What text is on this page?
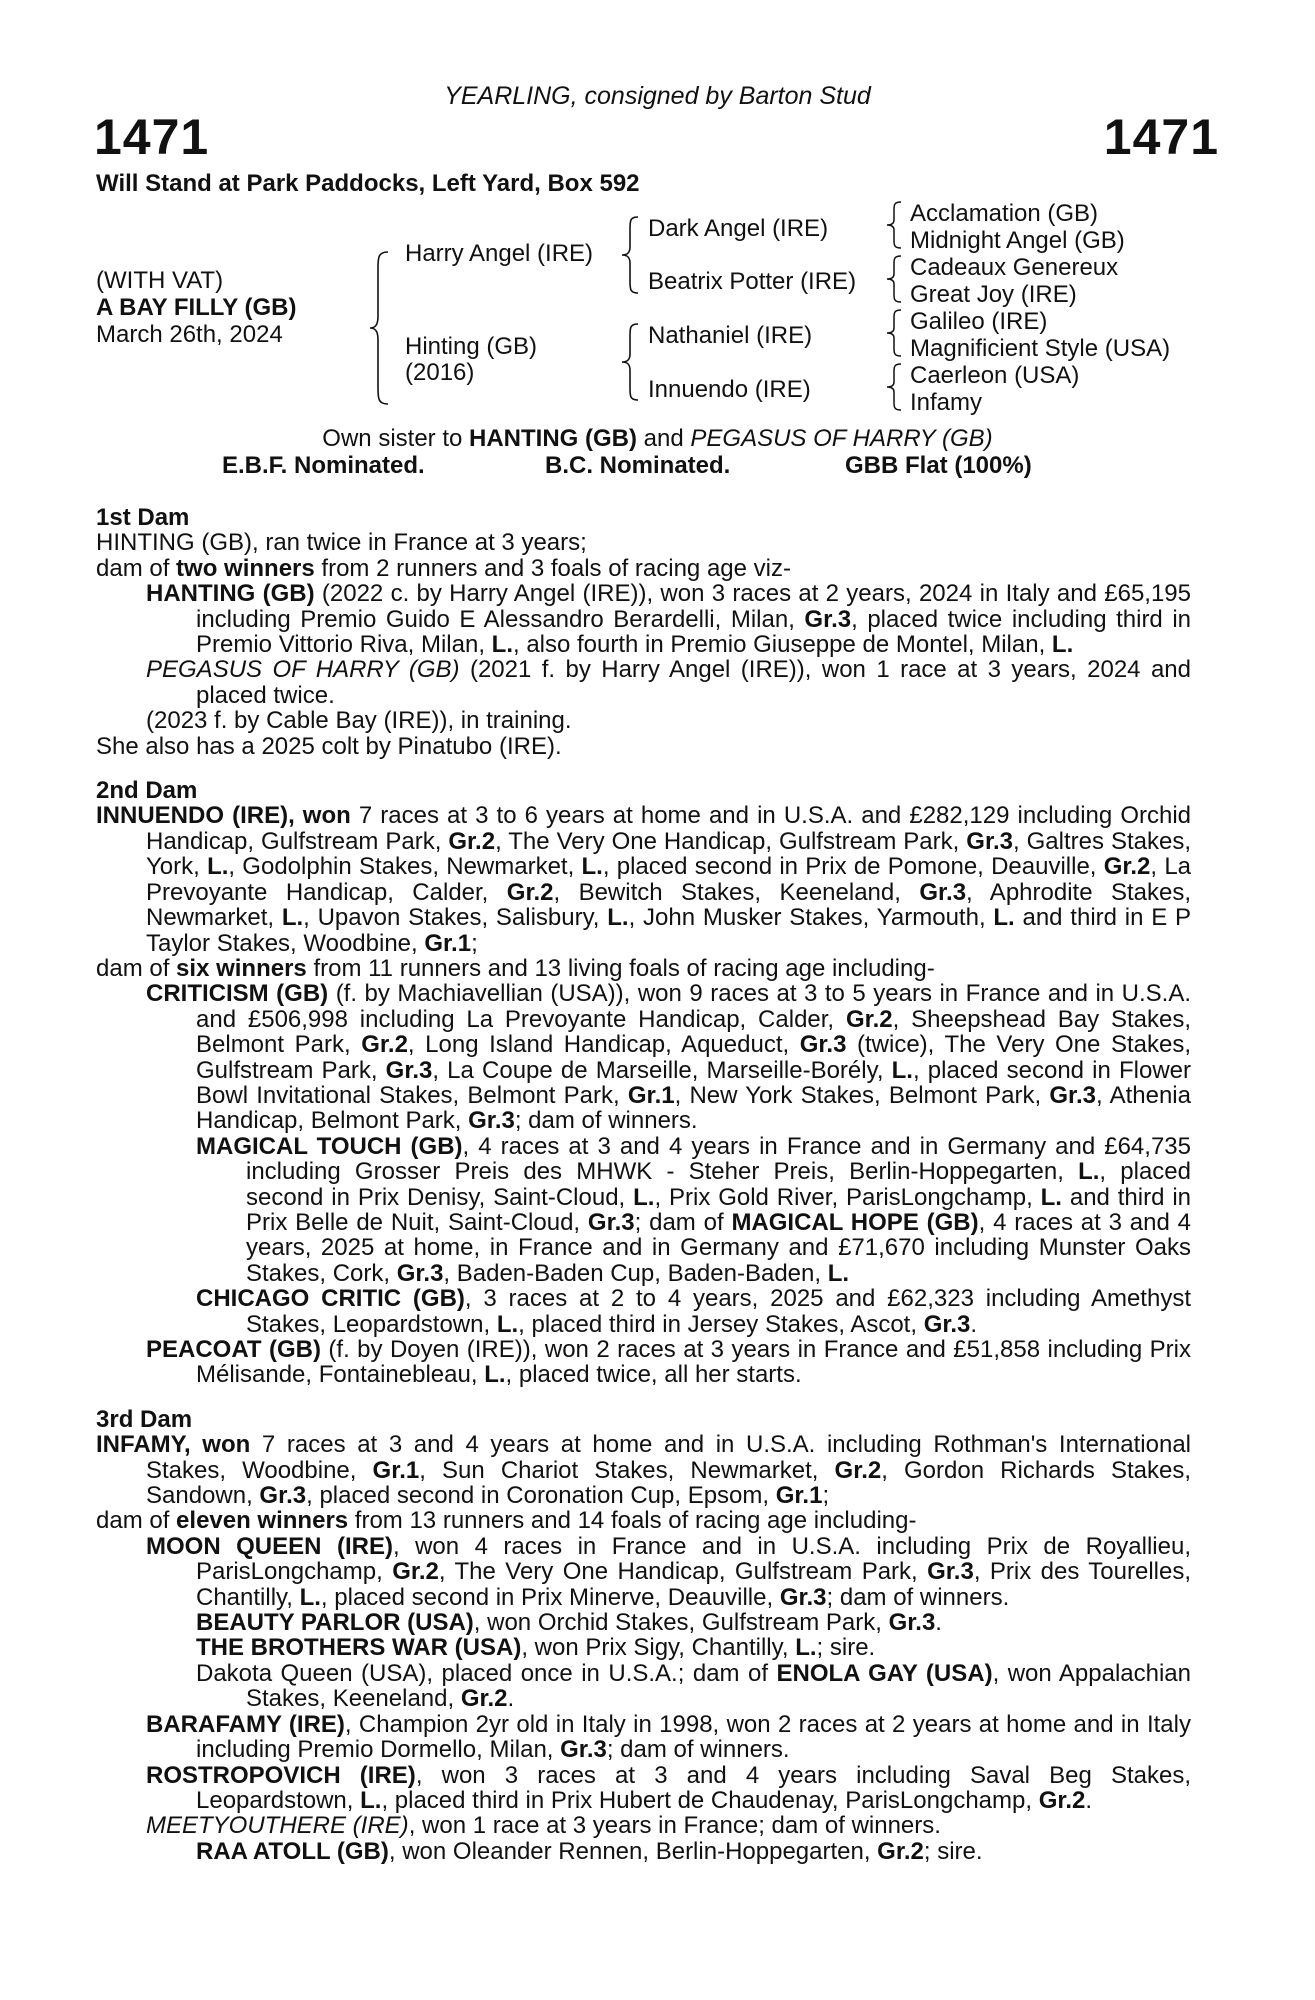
YEARLING, consigned by Barton Stud
1471	1471
Will Stand at Park Paddocks, Left Yard, Box 592
(WITH VAT)
A BAY FILLY (GB)
March 26th, 2024
Harry Angel (IRE)
Hinting (GB)
(2016)
Dark Angel (IRE)
Beatrix Potter (IRE)
Nathaniel (IRE)
Innuendo (IRE)
Acclamation (GB)
Midnight Angel (GB)
Cadeaux Genereux
Great Joy (IRE)
Galileo (IRE)
Magnificient Style (USA)
Caerleon (USA)
Infamy
Own sister to HANTING (GB) and PEGASUS OF HARRY (GB)
E.B.F. Nominated.	B.C. Nominated.	GBB Flat (100%)
1st Dam
HINTING (GB), ran twice in France at 3 years;
dam of two winners from 2 runners and 3 foals of racing age viz-
HANTING (GB) (2022 c. by Harry Angel (IRE)), won 3 races at 2 years, 2024 in Italy and £65,195 including Premio Guido E Alessandro Berardelli, Milan, Gr.3, placed twice including third in Premio Vittorio Riva, Milan, L., also fourth in Premio Giuseppe de Montel, Milan, L.
PEGASUS OF HARRY (GB) (2021 f. by Harry Angel (IRE)), won 1 race at 3 years, 2024 and placed twice.
(2023 f. by Cable Bay (IRE)), in training.
She also has a 2025 colt by Pinatubo (IRE).
2nd Dam
INNUENDO (IRE), won 7 races at 3 to 6 years at home and in U.S.A. and £282,129 including Orchid Handicap, Gulfstream Park, Gr.2, The Very One Handicap, Gulfstream Park, Gr.3, Galtres Stakes, York, L., Godolphin Stakes, Newmarket, L., placed second in Prix de Pomone, Deauville, Gr.2, La Prevoyante Handicap, Calder, Gr.2, Bewitch Stakes, Keeneland, Gr.3, Aphrodite Stakes, Newmarket, L., Upavon Stakes, Salisbury, L., John Musker Stakes, Yarmouth, L. and third in E P Taylor Stakes, Woodbine, Gr.1;
dam of six winners from 11 runners and 13 living foals of racing age including-
CRITICISM (GB) (f. by Machiavellian (USA)), won 9 races at 3 to 5 years in France and in U.S.A. and £506,998 including La Prevoyante Handicap, Calder, Gr.2, Sheepshead Bay Stakes, Belmont Park, Gr.2, Long Island Handicap, Aqueduct, Gr.3 (twice), The Very One Stakes, Gulfstream Park, Gr.3, La Coupe de Marseille, Marseille-Borély, L., placed second in Flower Bowl Invitational Stakes, Belmont Park, Gr.1, New York Stakes, Belmont Park, Gr.3, Athenia Handicap, Belmont Park, Gr.3; dam of winners.
MAGICAL TOUCH (GB), 4 races at 3 and 4 years in France and in Germany and £64,735 including Grosser Preis des MHWK - Steher Preis, Berlin-Hoppegarten, L., placed second in Prix Denisy, Saint-Cloud, L., Prix Gold River, ParisLongchamp, L. and third in Prix Belle de Nuit, Saint-Cloud, Gr.3; dam of MAGICAL HOPE (GB), 4 races at 3 and 4 years, 2025 at home, in France and in Germany and £71,670 including Munster Oaks Stakes, Cork, Gr.3, Baden-Baden Cup, Baden-Baden, L.
CHICAGO CRITIC (GB), 3 races at 2 to 4 years, 2025 and £62,323 including Amethyst Stakes, Leopardstown, L., placed third in Jersey Stakes, Ascot, Gr.3.
PEACOAT (GB) (f. by Doyen (IRE)), won 2 races at 3 years in France and £51,858 including Prix Mélisande, Fontainebleau, L., placed twice, all her starts.
3rd Dam
INFAMY, won 7 races at 3 and 4 years at home and in U.S.A. including Rothman's International Stakes, Woodbine, Gr.1, Sun Chariot Stakes, Newmarket, Gr.2, Gordon Richards Stakes, Sandown, Gr.3, placed second in Coronation Cup, Epsom, Gr.1;
dam of eleven winners from 13 runners and 14 foals of racing age including-
MOON QUEEN (IRE), won 4 races in France and in U.S.A. including Prix de Royallieu, ParisLongchamp, Gr.2, The Very One Handicap, Gulfstream Park, Gr.3, Prix des Tourelles, Chantilly, L., placed second in Prix Minerve, Deauville, Gr.3; dam of winners.
BEAUTY PARLOR (USA), won Orchid Stakes, Gulfstream Park, Gr.3.
THE BROTHERS WAR (USA), won Prix Sigy, Chantilly, L.; sire.
Dakota Queen (USA), placed once in U.S.A.; dam of ENOLA GAY (USA), won Appalachian Stakes, Keeneland, Gr.2.
BARAFAMY (IRE), Champion 2yr old in Italy in 1998, won 2 races at 2 years at home and in Italy including Premio Dormello, Milan, Gr.3; dam of winners.
ROSTROPOVICH (IRE), won 3 races at 3 and 4 years including Saval Beg Stakes, Leopardstown, L., placed third in Prix Hubert de Chaudenay, ParisLongchamp, Gr.2.
MEETYOUTHERE (IRE), won 1 race at 3 years in France; dam of winners.
RAA ATOLL (GB), won Oleander Rennen, Berlin-Hoppegarten, Gr.2; sire.
